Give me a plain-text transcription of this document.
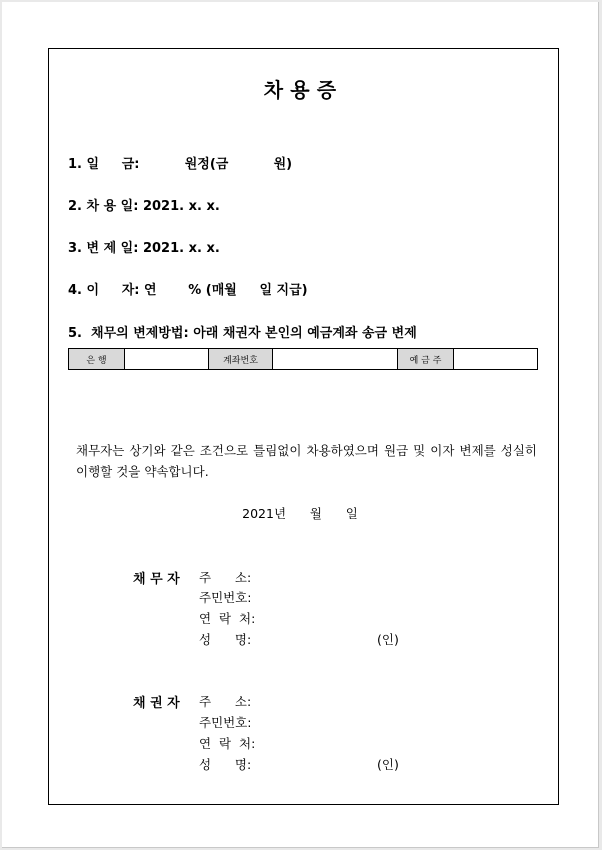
차 용 증
1. 일     금:          원정(금          원)
2. 차 용 일: 2021. x. x.
3. 변 제 일: 2021. x. x.
4. 이     자: 연       % (매월     일 지급)
5.  채무의 변제방법: 아래 채권자 본인의 예금계좌 송금 변제
은 행		계좌번호		예 금 주	
채무자는 상기와 같은 조건으로 틀림없이 차용하였으며 원금 및 이자 변제를 성실히 이행할 것을 약속합니다.
2021년      월      일
채 무 자 주      소:
주민번호:
연  락  처:
성      명:	(인)
채 권 자 주      소:
주민번호:
연  락  처:
성      명:	(인)
